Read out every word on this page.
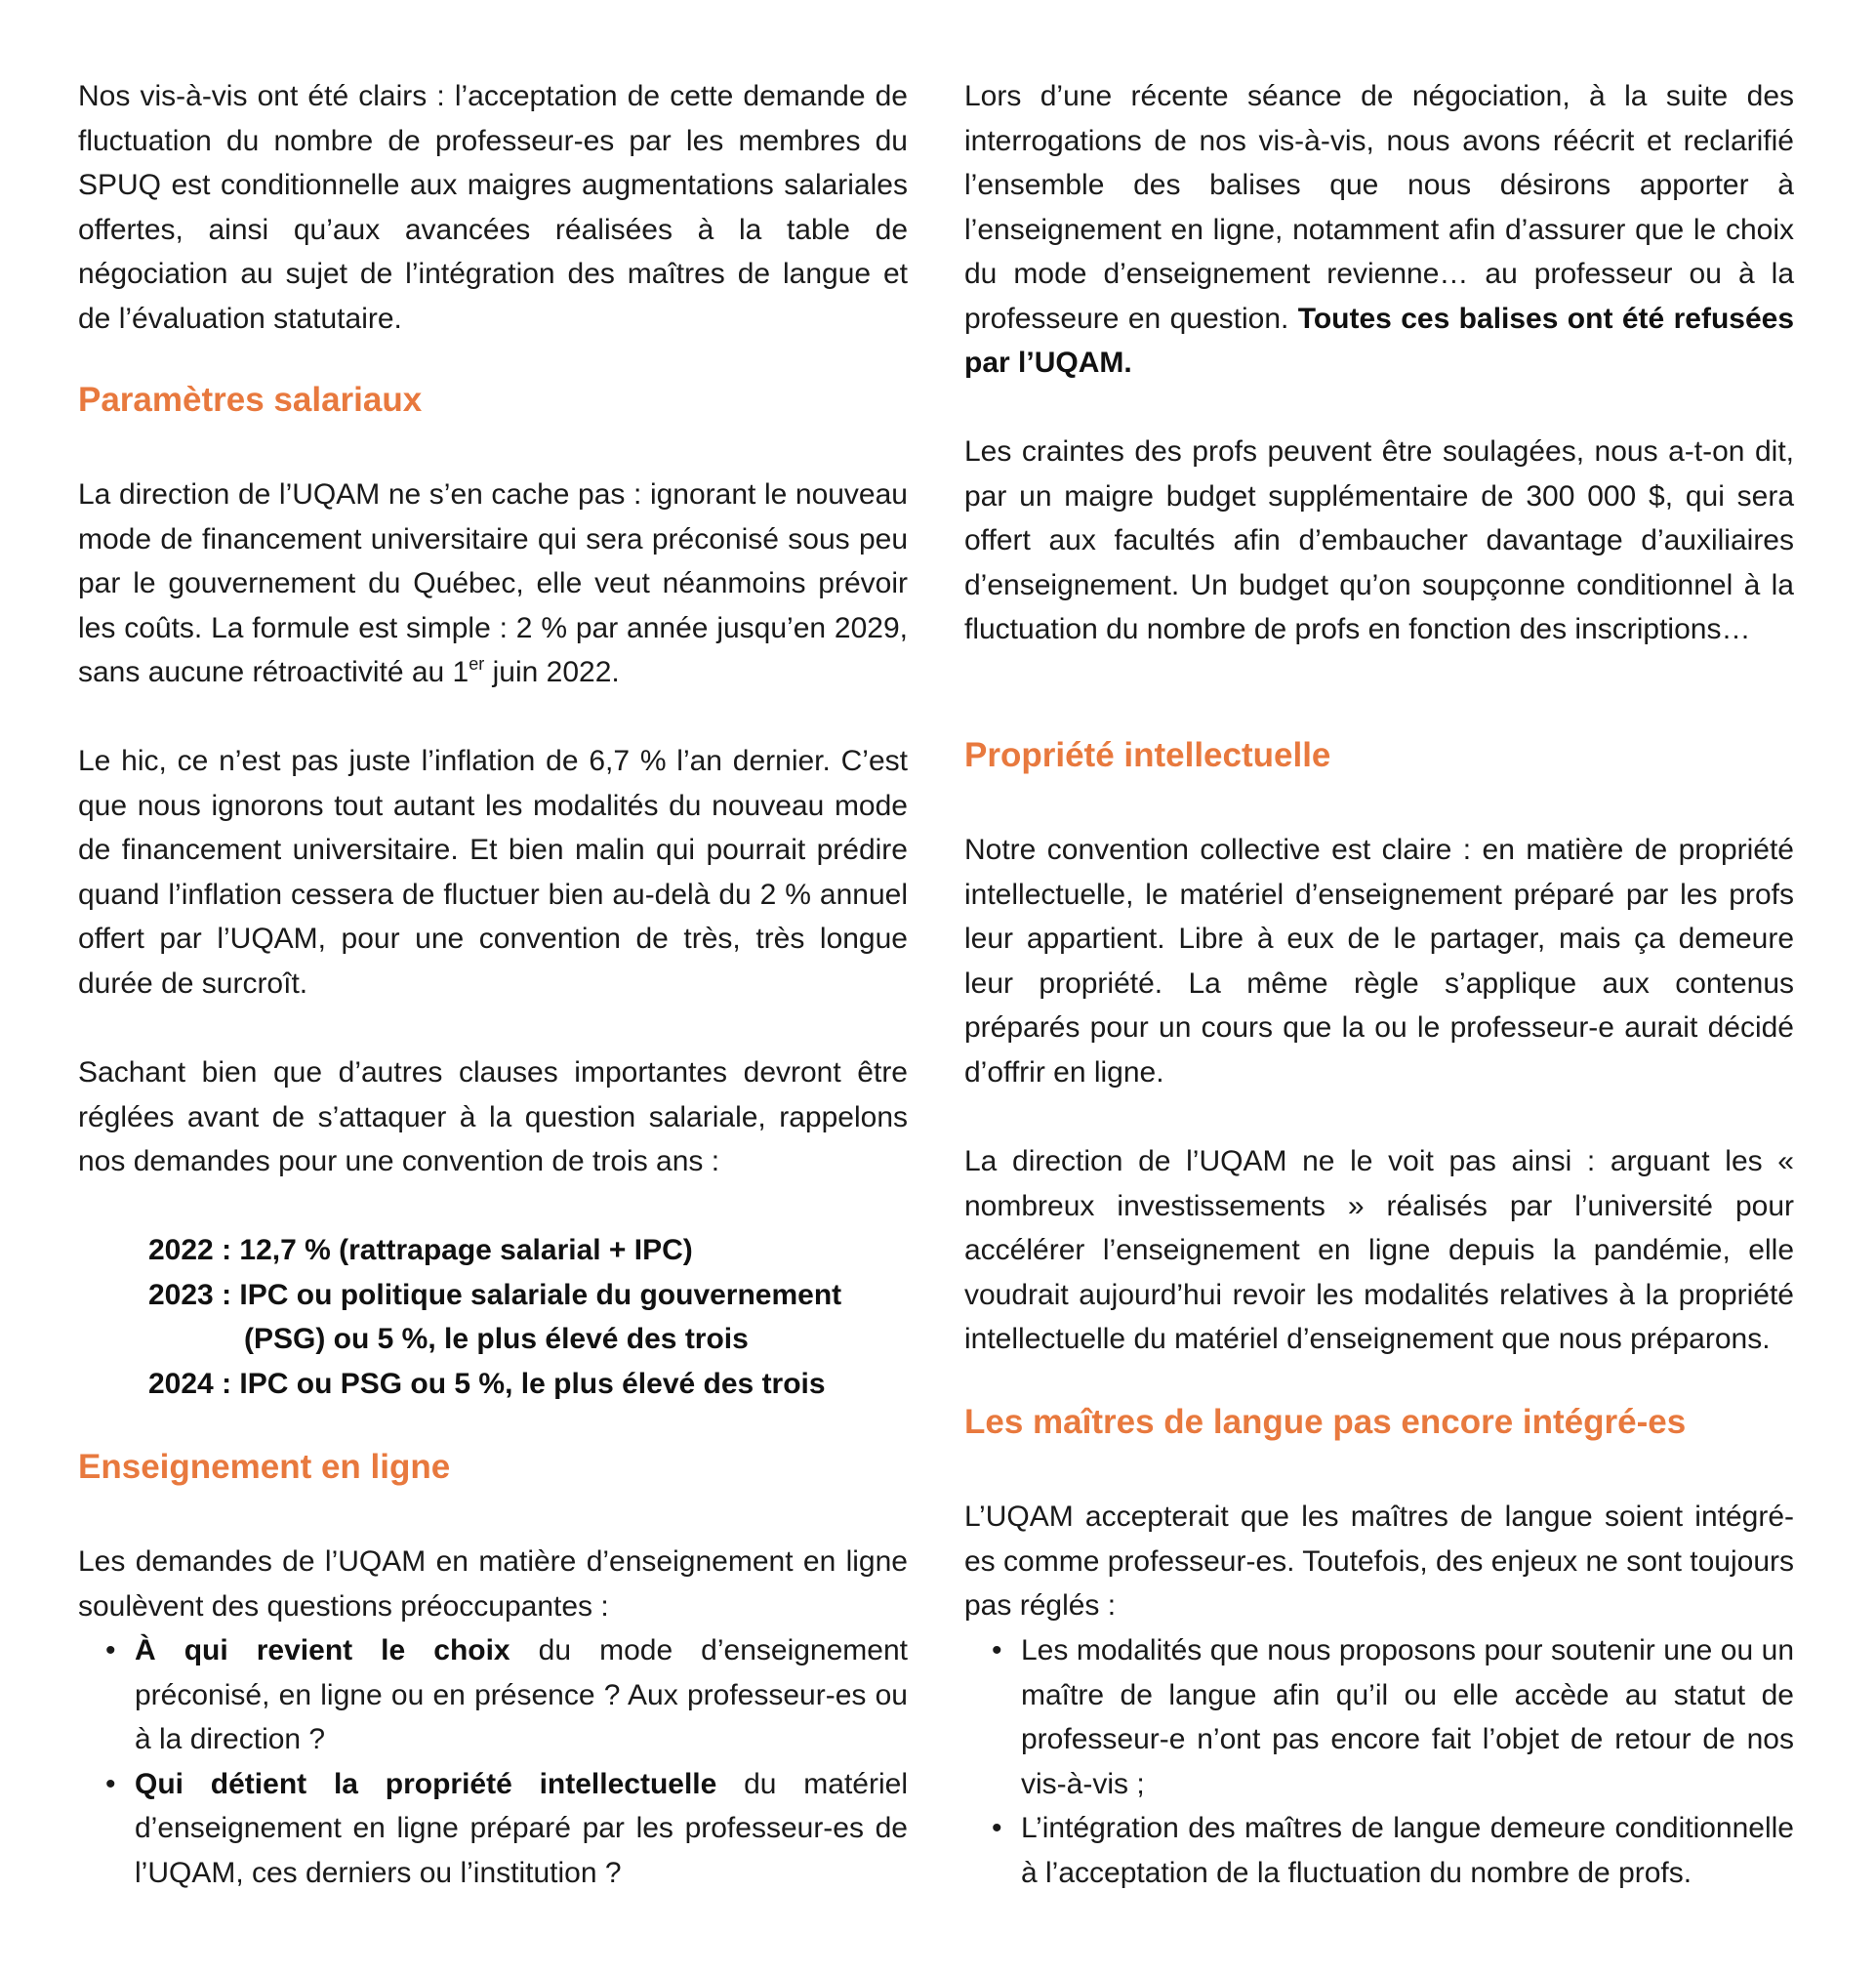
Nos vis-à-vis ont été clairs : l’acceptation de cette demande de fluctuation du nombre de professeur-es par les membres du SPUQ est conditionnelle aux maigres augmentations salariales offertes, ainsi qu’aux avancées réalisées à la table de négociation au sujet de l’intégration des maîtres de langue et de l’évaluation statutaire.

Paramètres salariaux

La direction de l’UQAM ne s’en cache pas : ignorant le nouveau mode de financement universitaire qui sera préconisé sous peu par le gouvernement du Québec, elle veut néanmoins prévoir les coûts. La formule est simple : 2 % par année jusqu’en 2029, sans aucune rétroactivité au 1er juin 2022.

Le hic, ce n’est pas juste l’inflation de 6,7 % l’an dernier. C’est que nous ignorons tout autant les modalités du nouveau mode de financement universitaire. Et bien malin qui pourrait prédire quand l’inflation cessera de fluctuer bien au-delà du 2 % annuel offert par l’UQAM, pour une convention de très, très longue durée de surcroît.

Sachant bien que d’autres clauses importantes devront être réglées avant de s’attaquer à la question salariale, rappelons nos demandes pour une convention de trois ans :

2022 : 12,7 % (rattrapage salarial + IPC)
2023 : IPC ou politique salariale du gouvernement
(PSG) ou 5 %, le plus élevé des trois
2024 : IPC ou PSG ou 5 %, le plus élevé des trois
Enseignement en ligne

Les demandes de l’UQAM en matière d’enseignement en ligne soulèvent des questions préoccupantes :

• À qui revient le choix du mode d’enseignement préconisé, en ligne ou en présence ? Aux professeur-es ou à la direction ?
• Qui détient la propriété intellectuelle du matériel d’enseignement en ligne préparé par les professeur-es de l’UQAM, ces derniers ou l’institution ?

Lors d’une récente séance de négociation, à la suite des interrogations de nos vis-à-vis, nous avons réécrit et reclarifié l’ensemble des balises que nous désirons apporter à l’enseignement en ligne, notamment afin d’assurer que le choix du mode d’enseignement revienne… au professeur ou à la professeure en question. Toutes ces balises ont été refusées par l’UQAM.

Les craintes des profs peuvent être soulagées, nous a-t-on dit, par un maigre budget supplémentaire de 300 000 $, qui sera offert aux facultés afin d’embaucher davantage d’auxiliaires d’enseignement. Un budget qu’on soupçonne conditionnel à la fluctuation du nombre de profs en fonction des inscriptions…

Propriété intellectuelle

Notre convention collective est claire : en matière de propriété intellectuelle, le matériel d’enseignement préparé par les profs leur appartient. Libre à eux de le partager, mais ça demeure leur propriété. La même règle s’applique aux contenus préparés pour un cours que la ou le professeur-e aurait décidé d’offrir en ligne.

La direction de l’UQAM ne le voit pas ainsi : arguant les « nombreux investissements » réalisés par l’université pour accélérer l’enseignement en ligne depuis la pandémie, elle voudrait aujourd’hui revoir les modalités relatives à la propriété intellectuelle du matériel d’enseignement que nous préparons.

Les maîtres de langue pas encore intégré-es

L’UQAM accepterait que les maîtres de langue soient intégré-es comme professeur-es. Toutefois, des enjeux ne sont toujours pas réglés :

• Les modalités que nous proposons pour soutenir une ou un maître de langue afin qu’il ou elle accède au statut de professeur-e n’ont pas encore fait l’objet de retour de nos vis-à-vis ;
• L’intégration des maîtres de langue demeure conditionnelle à l’acceptation de la fluctuation du nombre de profs.
